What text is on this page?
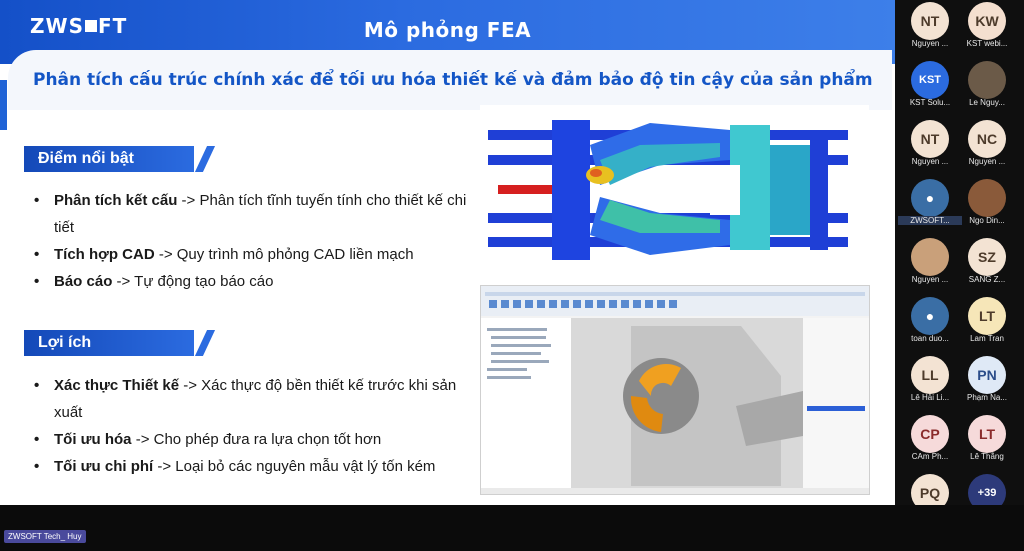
ZWS FT	Mô phỏng FEA
Phân tích cấu trúc chính xác để tối ưu hóa thiết kế và đảm bảo độ tin cậy của sản phẩm
Điểm nổi bật
• Phân tích kết cấu -> Phân tích tĩnh tuyến tính cho thiết kế chi tiết
• Tích hợp CAD -> Quy trình mô phỏng CAD liền mạch
• Báo cáo -> Tự động tạo báo cáo
Lợi ích
• Xác thực Thiết kế -> Xác thực độ bền thiết kế trước khi sản xuất
• Tối ưu hóa -> Cho phép đưa ra lựa chọn tốt hơn
• Tối ưu chi phí -> Loại bỏ các nguyên mẫu vật lý tốn kém
NT
Nguyen ...
KW
KST webi...
KST
KST Solu...	Le Nguy...
NT
Nguyen ...
NC
Nguyen ...
●
ZWSOFT...	Ngo Din...
Nguyen ...
SZ
SANG Z...
●
toan duo...
LT
Lam Tran
LL
Lê Hải Li...
PN
Phạm Na...
CP
CAm Ph...
LT
Lê Thắng
PQ	+39
ZWSOFT Tech_ Huy
